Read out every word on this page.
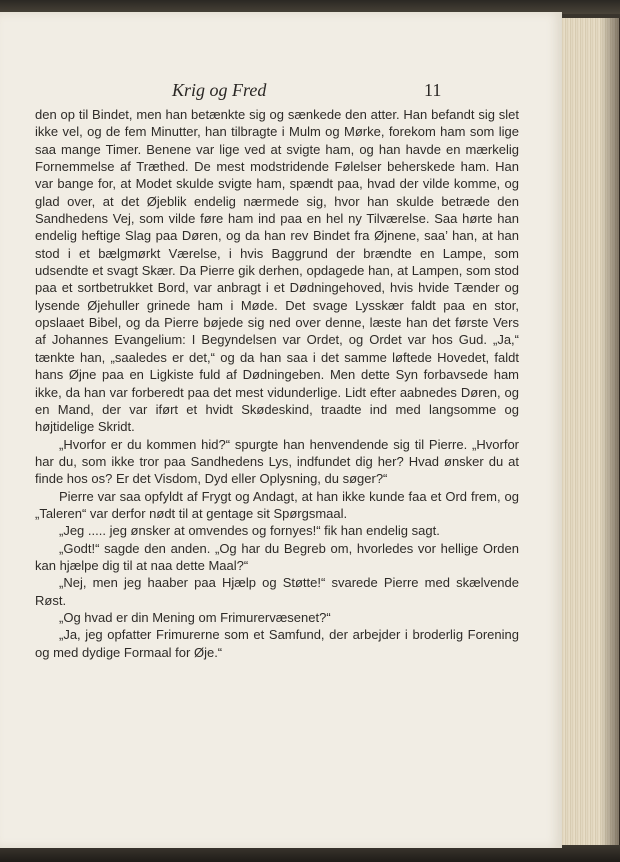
Krig og Fred	11

den op til Bindet, men han betænkte sig og sænkede den atter. Han befandt sig slet ikke vel, og de fem Minutter, han tilbragte i Mulm og Mørke, forekom ham som lige saa mange Timer. Benene var lige ved at svigte ham, og han havde en mærkelig Fornemmelse af Træthed. De mest modstridende Følelser beherskede ham. Han var bange for, at Modet skulde svigte ham, spændt paa, hvad der vilde komme, og glad over, at det Øjeblik endelig nærmede sig, hvor han skulde betræde den Sandhedens Vej, som vilde føre ham ind paa en hel ny Tilværelse. Saa hørte han endelig heftige Slag paa Døren, og da han rev Bindet fra Øjnene, saa’ han, at han stod i et bælgmørkt Værelse, i hvis Baggrund der brændte en Lampe, som udsendte et svagt Skær. Da Pierre gik derhen, opdagede han, at Lampen, som stod paa et sortbetrukket Bord, var anbragt i et Dødningehoved, hvis hvide Tænder og lysende Øjehuller grinede ham i Møde. Det svage Lysskær faldt paa en stor, opslaaet Bibel, og da Pierre bøjede sig ned over denne, læste han det første Vers af Johannes Evangelium: I Begyndelsen var Ordet, og Ordet var hos Gud. „Ja,“ tænkte han, „saaledes er det,“ og da han saa i det samme løftede Hovedet, faldt hans Øjne paa en Ligkiste fuld af Dødningeben. Men dette Syn forbavsede ham ikke, da han var forberedt paa det mest vidunderlige. Lidt efter aabnedes Døren, og en Mand, der var iført et hvidt Skødeskind, traadte ind med langsomme og højtidelige Skridt.

„Hvorfor er du kommen hid?“ spurgte han henvendende sig til Pierre. „Hvorfor har du, som ikke tror paa Sandhedens Lys, indfundet dig her? Hvad ønsker du at finde hos os? Er det Visdom, Dyd eller Oplysning, du søger?“

Pierre var saa opfyldt af Frygt og Andagt, at han ikke kunde faa et Ord frem, og „Taleren“ var derfor nødt til at gentage sit Spørgsmaal.

„Jeg ..... jeg ønsker at omvendes og fornyes!“ fik han endelig sagt.

„Godt!“ sagde den anden. „Og har du Begreb om, hvorledes vor hellige Orden kan hjælpe dig til at naa dette Maal?“

„Nej, men jeg haaber paa Hjælp og Støtte!“ svarede Pierre med skælvende Røst.

„Og hvad er din Mening om Frimurervæsenet?“

„Ja, jeg opfatter Frimurerne som et Samfund, der arbejder i broderlig Forening og med dydige Formaal for Øje.“
